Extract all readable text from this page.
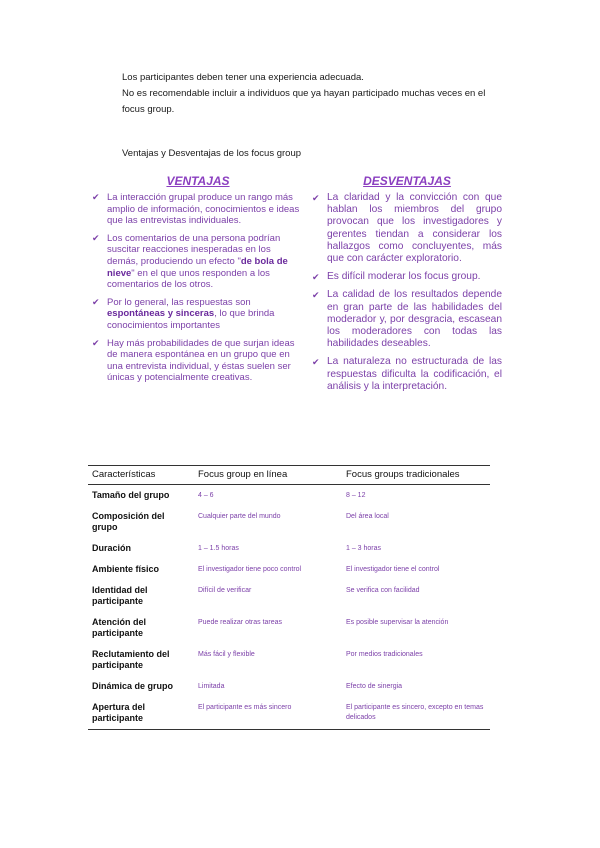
Los participantes deben tener una experiencia adecuada.

No es recomendable incluir a individuos que ya hayan participado muchas veces en el

focus group.

Ventajas y Desventajas de los focus group
VENTAJAS
✔ La interacción grupal produce un rango más amplio de información, conocimientos e ideas que las entrevistas individuales.
✔ Los comentarios de una persona podrían suscitar reacciones inesperadas en los demás, produciendo un efecto "de bola de nieve" en el que unos responden a los comentarios de los otros.
✔ Por lo general, las respuestas son espontáneas y sinceras, lo que brinda conocimientos importantes
✔ Hay más probabilidades de que surjan ideas de manera espontánea en un grupo que en una entrevista individual, y éstas suelen ser únicas y potencialmente creativas.
DESVENTAJAS
✔ La claridad y la convicción con que hablan los miembros del grupo provocan que los investigadores y gerentes tiendan a considerar los hallazgos como concluyentes, más que con carácter exploratorio.
✔ Es difícil moderar los focus group.
✔ La calidad de los resultados depende en gran parte de las habilidades del moderador y, por desgracia, escasean los moderadores con todas las habilidades deseables.
✔ La naturaleza no estructurada de las respuestas dificulta la codificación, el análisis y la interpretación.
Características	Focus group en línea	Focus groups tradicionales
Tamaño del grupo	4 – 6	8 – 12
Composición del grupo	Cualquier parte del mundo	Del área local
Duración	1 – 1.5 horas	1 – 3 horas
Ambiente físico	El investigador tiene poco control	El investigador tiene el control
Identidad del participante	Difícil de verificar	Se verifica con facilidad
Atención del participante	Puede realizar otras tareas	Es posible supervisar la atención
Reclutamiento del participante	Más fácil y flexible	Por medios tradicionales
Dinámica de grupo	Limitada	Efecto de sinergia
Apertura del participante	El participante es más sincero	El participante es sincero, excepto en temas delicados
